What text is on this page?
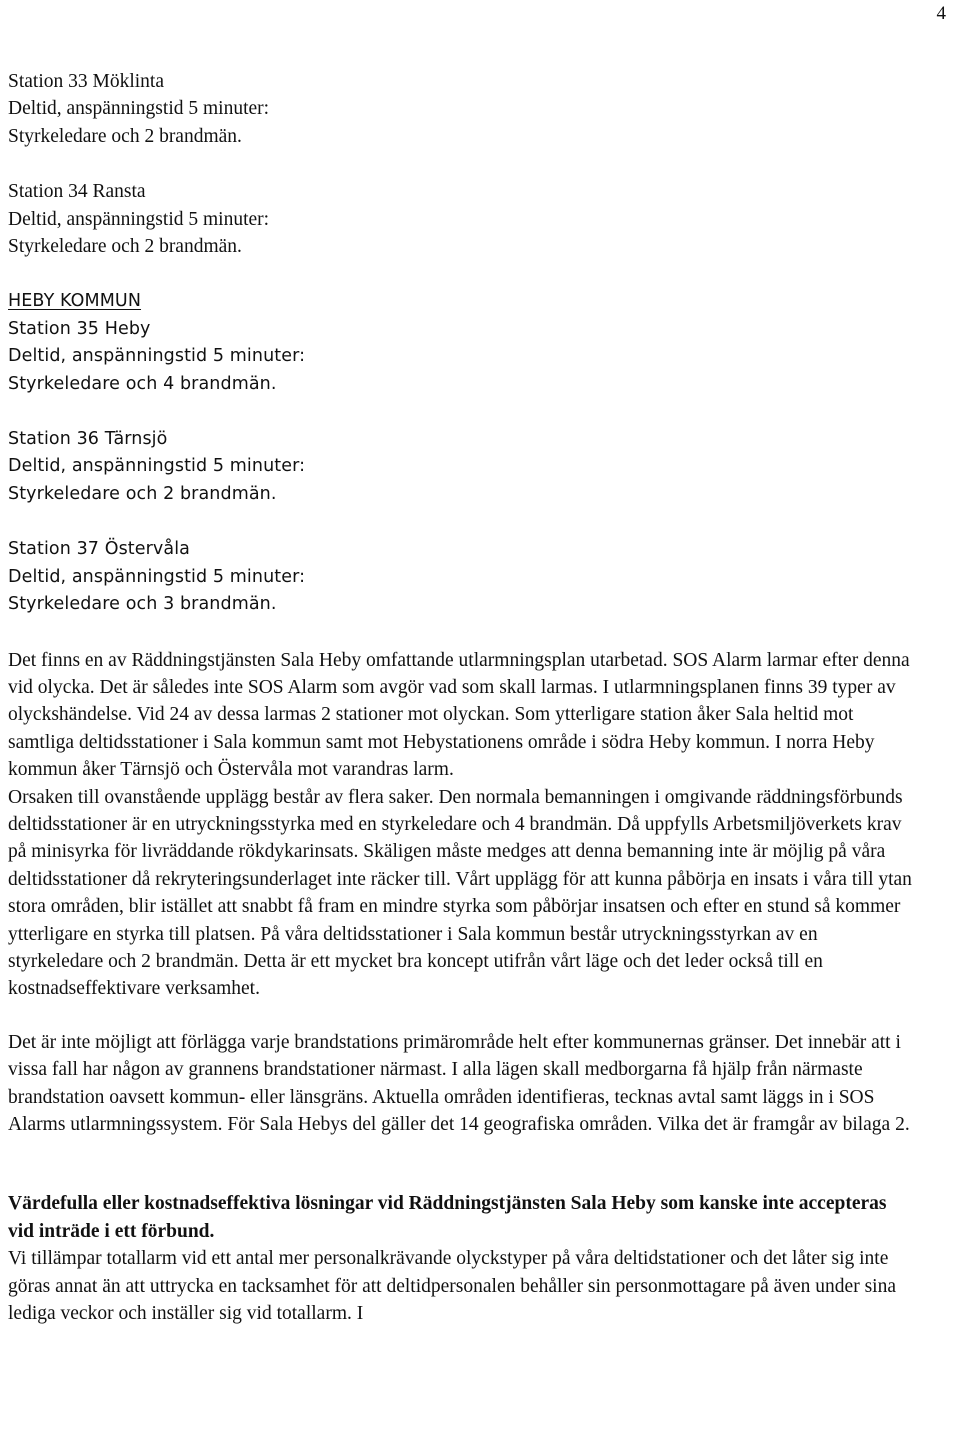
4
Station 33 Möklinta
Deltid, anspänningstid 5 minuter:
Styrkeledare och 2 brandmän.
Station 34 Ransta
Deltid, anspänningstid 5 minuter:
Styrkeledare och 2 brandmän.
HEBY KOMMUN
Station 35 Heby
Deltid, anspänningstid 5 minuter:
Styrkeledare och 4 brandmän.
Station 36 Tärnsjö
Deltid, anspänningstid 5 minuter:
Styrkeledare och 2 brandmän.
Station 37 Östervåla
Deltid, anspänningstid 5 minuter:
Styrkeledare och 3 brandmän.

Det finns en av Räddningstjänsten Sala Heby omfattande utlarmningsplan utarbetad. SOS Alarm larmar efter denna vid olycka. Det är således inte SOS Alarm som avgör vad som skall larmas. I utlarmningsplanen finns 39 typer av olyckshändelse. Vid 24 av dessa larmas 2 stationer mot olyckan. Som ytterligare station åker Sala heltid mot samtliga deltidsstationer i Sala kommun samt mot Hebystationens område i södra Heby kommun. I norra Heby kommun åker Tärnsjö och Östervåla mot varandras larm.

Orsaken till ovanstående upplägg består av flera saker. Den normala bemanningen i omgivande räddningsförbunds deltidsstationer är en utryckningsstyrka med en styrkeledare och 4 brandmän. Då uppfylls Arbetsmiljöverkets krav på minisyrka för livräddande rökdykarinsats. Skäligen måste medges att denna bemanning inte är möjlig på våra deltidsstationer då rekryteringsunderlaget inte räcker till. Vårt upplägg för att kunna påbörja en insats i våra till ytan stora områden, blir istället att snabbt få fram en mindre styrka som påbörjar insatsen och efter en stund så kommer ytterligare en styrka till platsen. På våra deltidsstationer i Sala kommun består utryckningsstyrkan av en styrkeledare och 2 brandmän. Detta är ett mycket bra koncept utifrån vårt läge och det leder också till en kostnadseffektivare verksamhet.

Det är inte möjligt att förlägga varje brandstations primärområde helt efter kommunernas gränser. Det innebär att i vissa fall har någon av grannens brandstationer närmast. I alla lägen skall medborgarna få hjälp från närmaste brandstation oavsett kommun- eller länsgräns. Aktuella områden identifieras, tecknas avtal samt läggs in i SOS Alarms utlarmningssystem. För Sala Hebys del gäller det 14 geografiska områden. Vilka det är framgår av bilaga 2.

Värdefulla eller kostnadseffektiva lösningar vid Räddningstjänsten Sala Heby som kanske inte accepteras vid inträde i ett förbund.

Vi tillämpar totallarm vid ett antal mer personalkrävande olyckstyper på våra deltidstationer och det låter sig inte göras annat än att uttrycka en tacksamhet för att deltidpersonalen behåller sin personmottagare på även under sina lediga veckor och inställer sig vid totallarm. I
